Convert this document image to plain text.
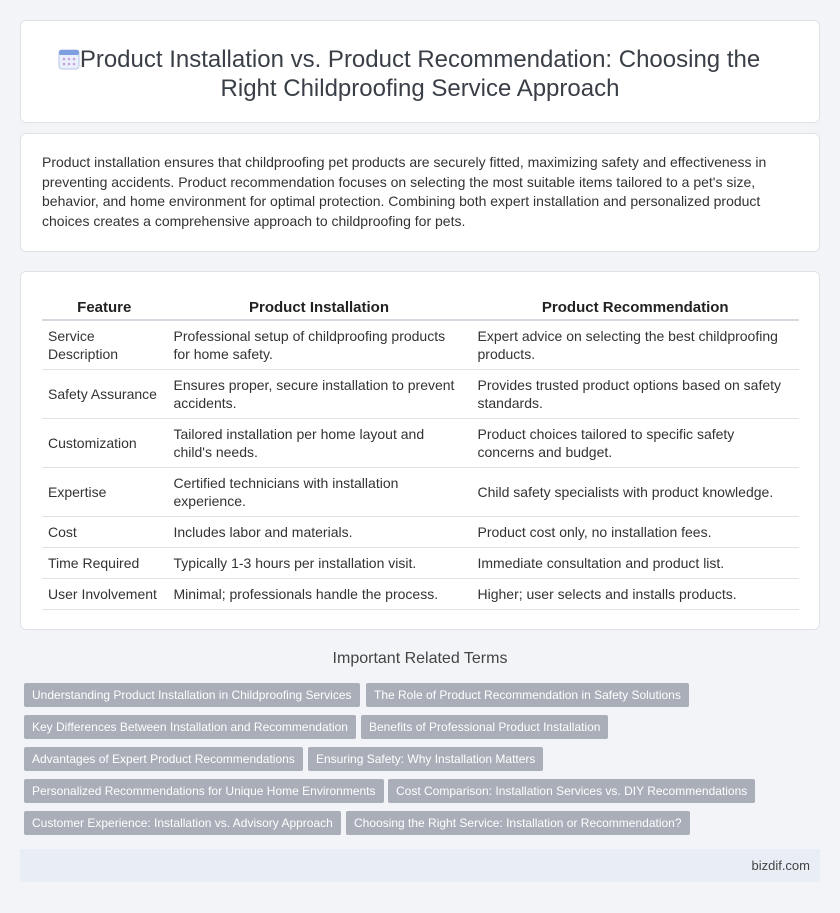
Product Installation vs. Product Recommendation: Choosing the Right Childproofing Service Approach

Product installation ensures that childproofing pet products are securely fitted, maximizing safety and effectiveness in preventing accidents. Product recommendation focuses on selecting the most suitable items tailored to a pet's size, behavior, and home environment for optimal protection. Combining both expert installation and personalized product choices creates a comprehensive approach to childproofing for pets.

Feature	Product Installation	Product Recommendation
Service Description	Professional setup of childproofing products for home safety.	Expert advice on selecting the best childproofing products.
Safety Assurance	Ensures proper, secure installation to prevent accidents.	Provides trusted product options based on safety standards.
Customization	Tailored installation per home layout and child's needs.	Product choices tailored to specific safety concerns and budget.
Expertise	Certified technicians with installation experience.	Child safety specialists with product knowledge.
Cost	Includes labor and materials.	Product cost only, no installation fees.
Time Required	Typically 1-3 hours per installation visit.	Immediate consultation and product list.
User Involvement	Minimal; professionals handle the process.	Higher; user selects and installs products.
Important Related Terms
Understanding Product Installation in Childproofing Services	The Role of Product Recommendation in Safety Solutions
Key Differences Between Installation and Recommendation	Benefits of Professional Product Installation
Advantages of Expert Product Recommendations	Ensuring Safety: Why Installation Matters
Personalized Recommendations for Unique Home Environments	Cost Comparison: Installation Services vs. DIY Recommendations
Customer Experience: Installation vs. Advisory Approach	Choosing the Right Service: Installation or Recommendation?
bizdif.com
